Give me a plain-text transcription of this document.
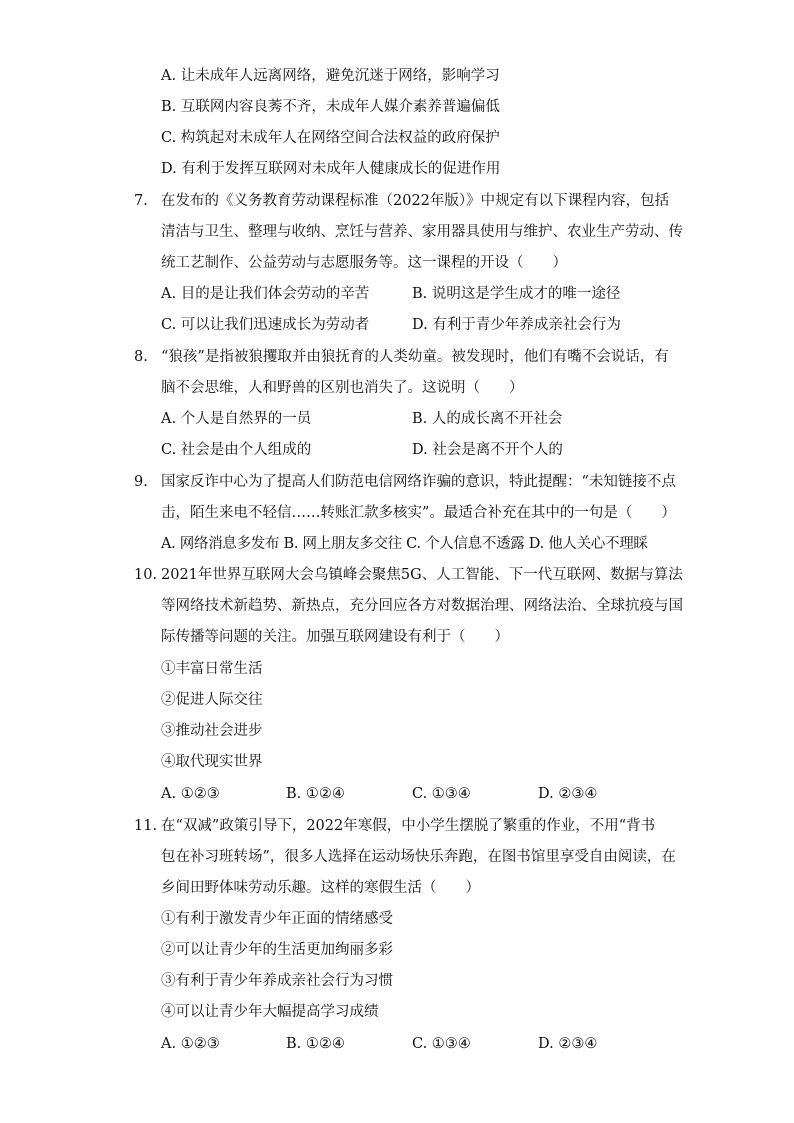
A. 让未成年人远离网络，避免沉迷于网络，影响学习
B. 互联网内容良莠不齐，未成年人媒介素养普遍偏低
C. 构筑起对未成年人在网络空间合法权益的政府保护
D. 有利于发挥互联网对未成年人健康成长的促进作用
7. 在发布的《义务教育劳动课程标准（2022年版）》中规定有以下课程内容，包括
清洁与卫生、整理与收纳、烹饪与营养、家用器具使用与维护、农业生产劳动、传
统工艺制作、公益劳动与志愿服务等。这一课程的开设（　　）
A. 目的是让我们体会劳动的辛苦	B. 说明这是学生成才的唯一途径
C. 可以让我们迅速成长为劳动者	D. 有利于青少年养成亲社会行为
8. “狼孩”是指被狼攫取并由狼抚育的人类幼童。被发现时，他们有嘴不会说话，有
脑不会思维，人和野兽的区别也消失了。这说明（　　）
A. 个人是自然界的一员	B. 人的成长离不开社会
C. 社会是由个人组成的	D. 社会是离不开个人的
9. 国家反诈中心为了提高人们防范电信网络诈骗的意识，特此提醒：“未知链接不点
击，陌生来电不轻信……转账汇款多核实”。最适合补充在其中的一句是（　　）
A. 网络消息多发布 B. 网上朋友多交往 C. 个人信息不透露 D. 他人关心不理睬
10. 2021年世界互联网大会乌镇峰会聚焦5G、人工智能、下一代互联网、数据与算法
等网络技术新趋势、新热点，充分回应各方对数据治理、网络法治、全球抗疫与国
际传播等问题的关注。加强互联网建设有利于（　　）
①丰富日常生活
②促进人际交往
③推动社会进步
④取代现实世界
A. ①②③	B. ①②④	C. ①③④	D. ②③④
11. 在“双减”政策引导下，2022年寒假，中小学生摆脱了繁重的作业，不用“背书
包在补习班转场”，很多人选择在运动场快乐奔跑，在图书馆里享受自由阅读，在
乡间田野体味劳动乐趣。这样的寒假生活（　　）
①有利于激发青少年正面的情绪感受
②可以让青少年的生活更加绚丽多彩
③有利于青少年养成亲社会行为习惯
④可以让青少年大幅提高学习成绩
A. ①②③	B. ①②④	C. ①③④	D. ②③④
